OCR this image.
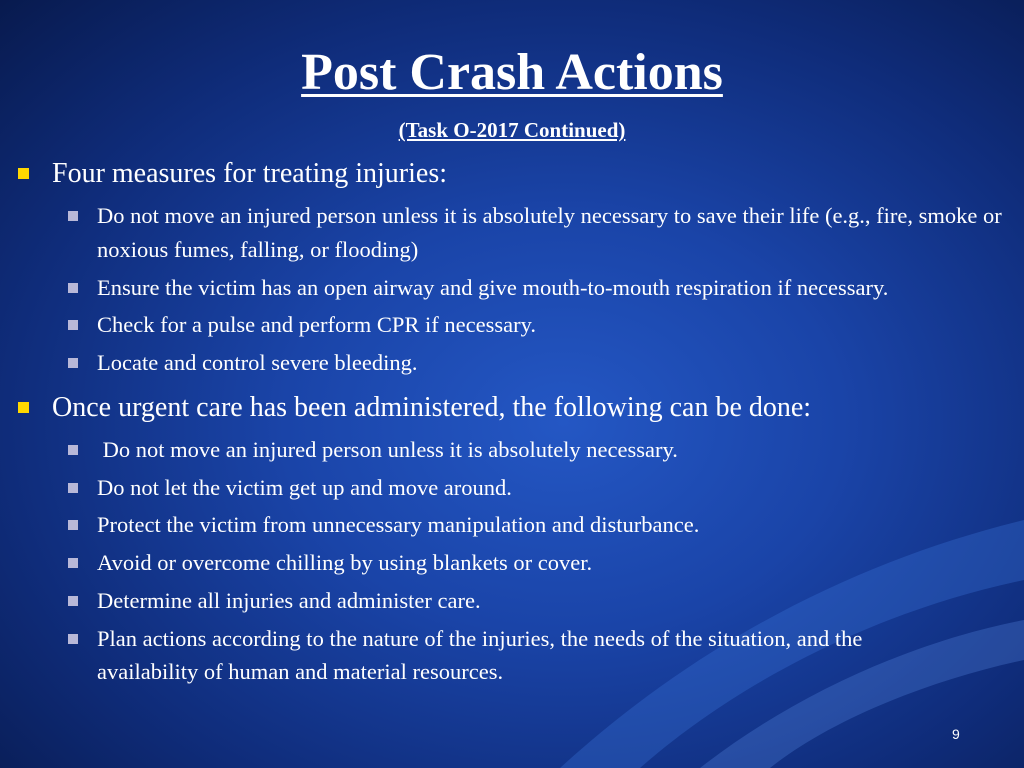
Post Crash Actions
(Task O-2017 Continued)
Four measures for treating injuries:
Do not move an injured person unless it is absolutely necessary to save their life (e.g., fire, smoke or noxious fumes, falling, or flooding)
Ensure the victim has an open airway and give mouth-to-mouth respiration if necessary.
Check for a pulse and perform CPR if necessary.
Locate and control severe bleeding.
Once urgent care has been administered, the following can be done:
Do not move an injured person unless it is absolutely necessary.
Do not let the victim get up and move around.
Protect the victim from unnecessary manipulation and disturbance.
Avoid or overcome chilling by using blankets or cover.
Determine all injuries and administer care.
Plan actions according to the nature of the injuries, the needs of the situation, and the availability of human and material resources.
9
